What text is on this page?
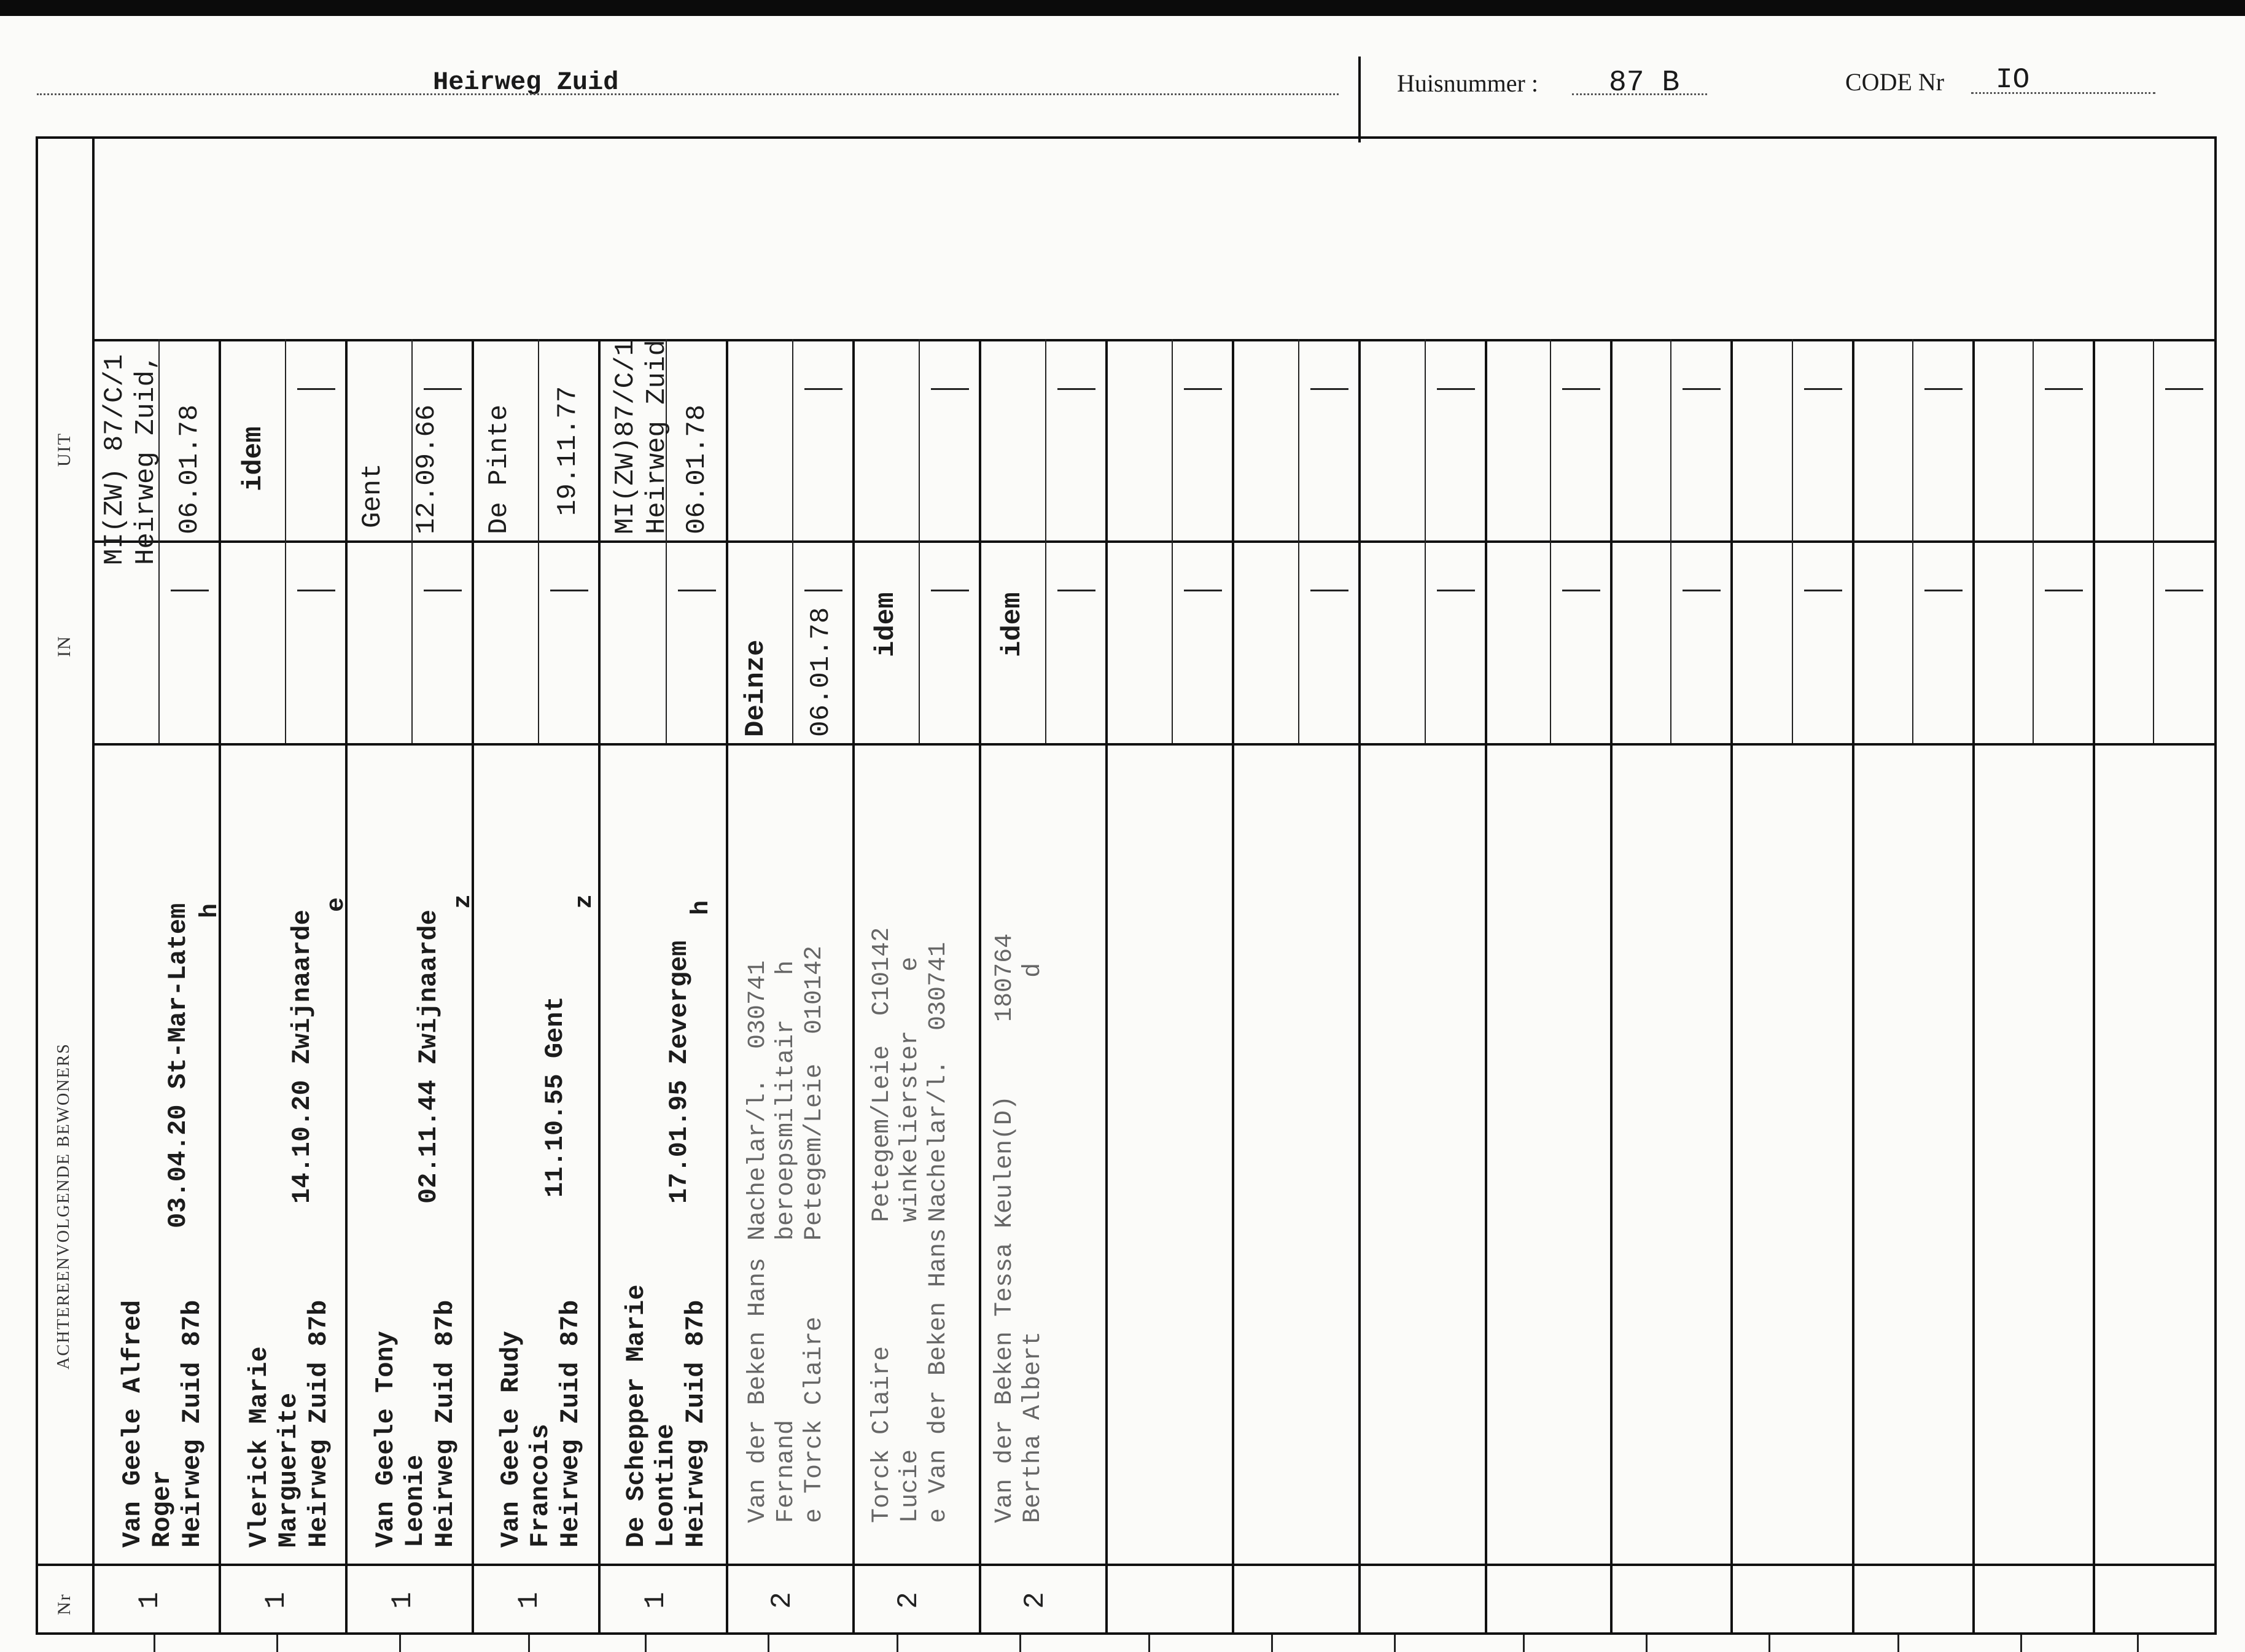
Heirweg Zuid	Huisnummer : 87 B	CODE Nr IO
UIT
IN
ACHTEREENVOLGENDE BEWONERS
Nr
MI(ZW) 87/C/1
Heirweg Zuid,
06.01.78
Van Geele Alfred
Roger
Heirweg Zuid 87b
03.04.20 St-Mar-Latem h
1
idem
Vlerick Marie
Marguerite
Heirweg Zuid 87b
14.10.20 Zwijnaarde
e
1
Gent 12.09.66
Van Geele Tony
Leonie
Heirweg Zuid 87b
02.11.44 Zwijnaarde
z
1
De Pinte 19.11.77
Van Geele Rudy
Francois
Heirweg Zuid 87b
11.10.55 Gent
z
1
MI(ZW)87/C/1
Heirweg Zuid
06.01.78
De Schepper Marie
Leontine
Heirweg Zuid 87b
17.01.95 Zevergem
h
1
Deinze 06.01.78
Van der Beken Hans
Fernand
e Torck Claire
Nachelar/l.  030741
beroepsmilitair   h
Petegem/Leie  010142
2
idem
Torck Claire
Lucie
e Van der Beken Hans
Petegem/Leie  C10142
winkelierster    e
Nachelar/l.  030741
2
idem
Van der Beken Tessa
Bertha Albert
Keulen(D)     180764
d
2
